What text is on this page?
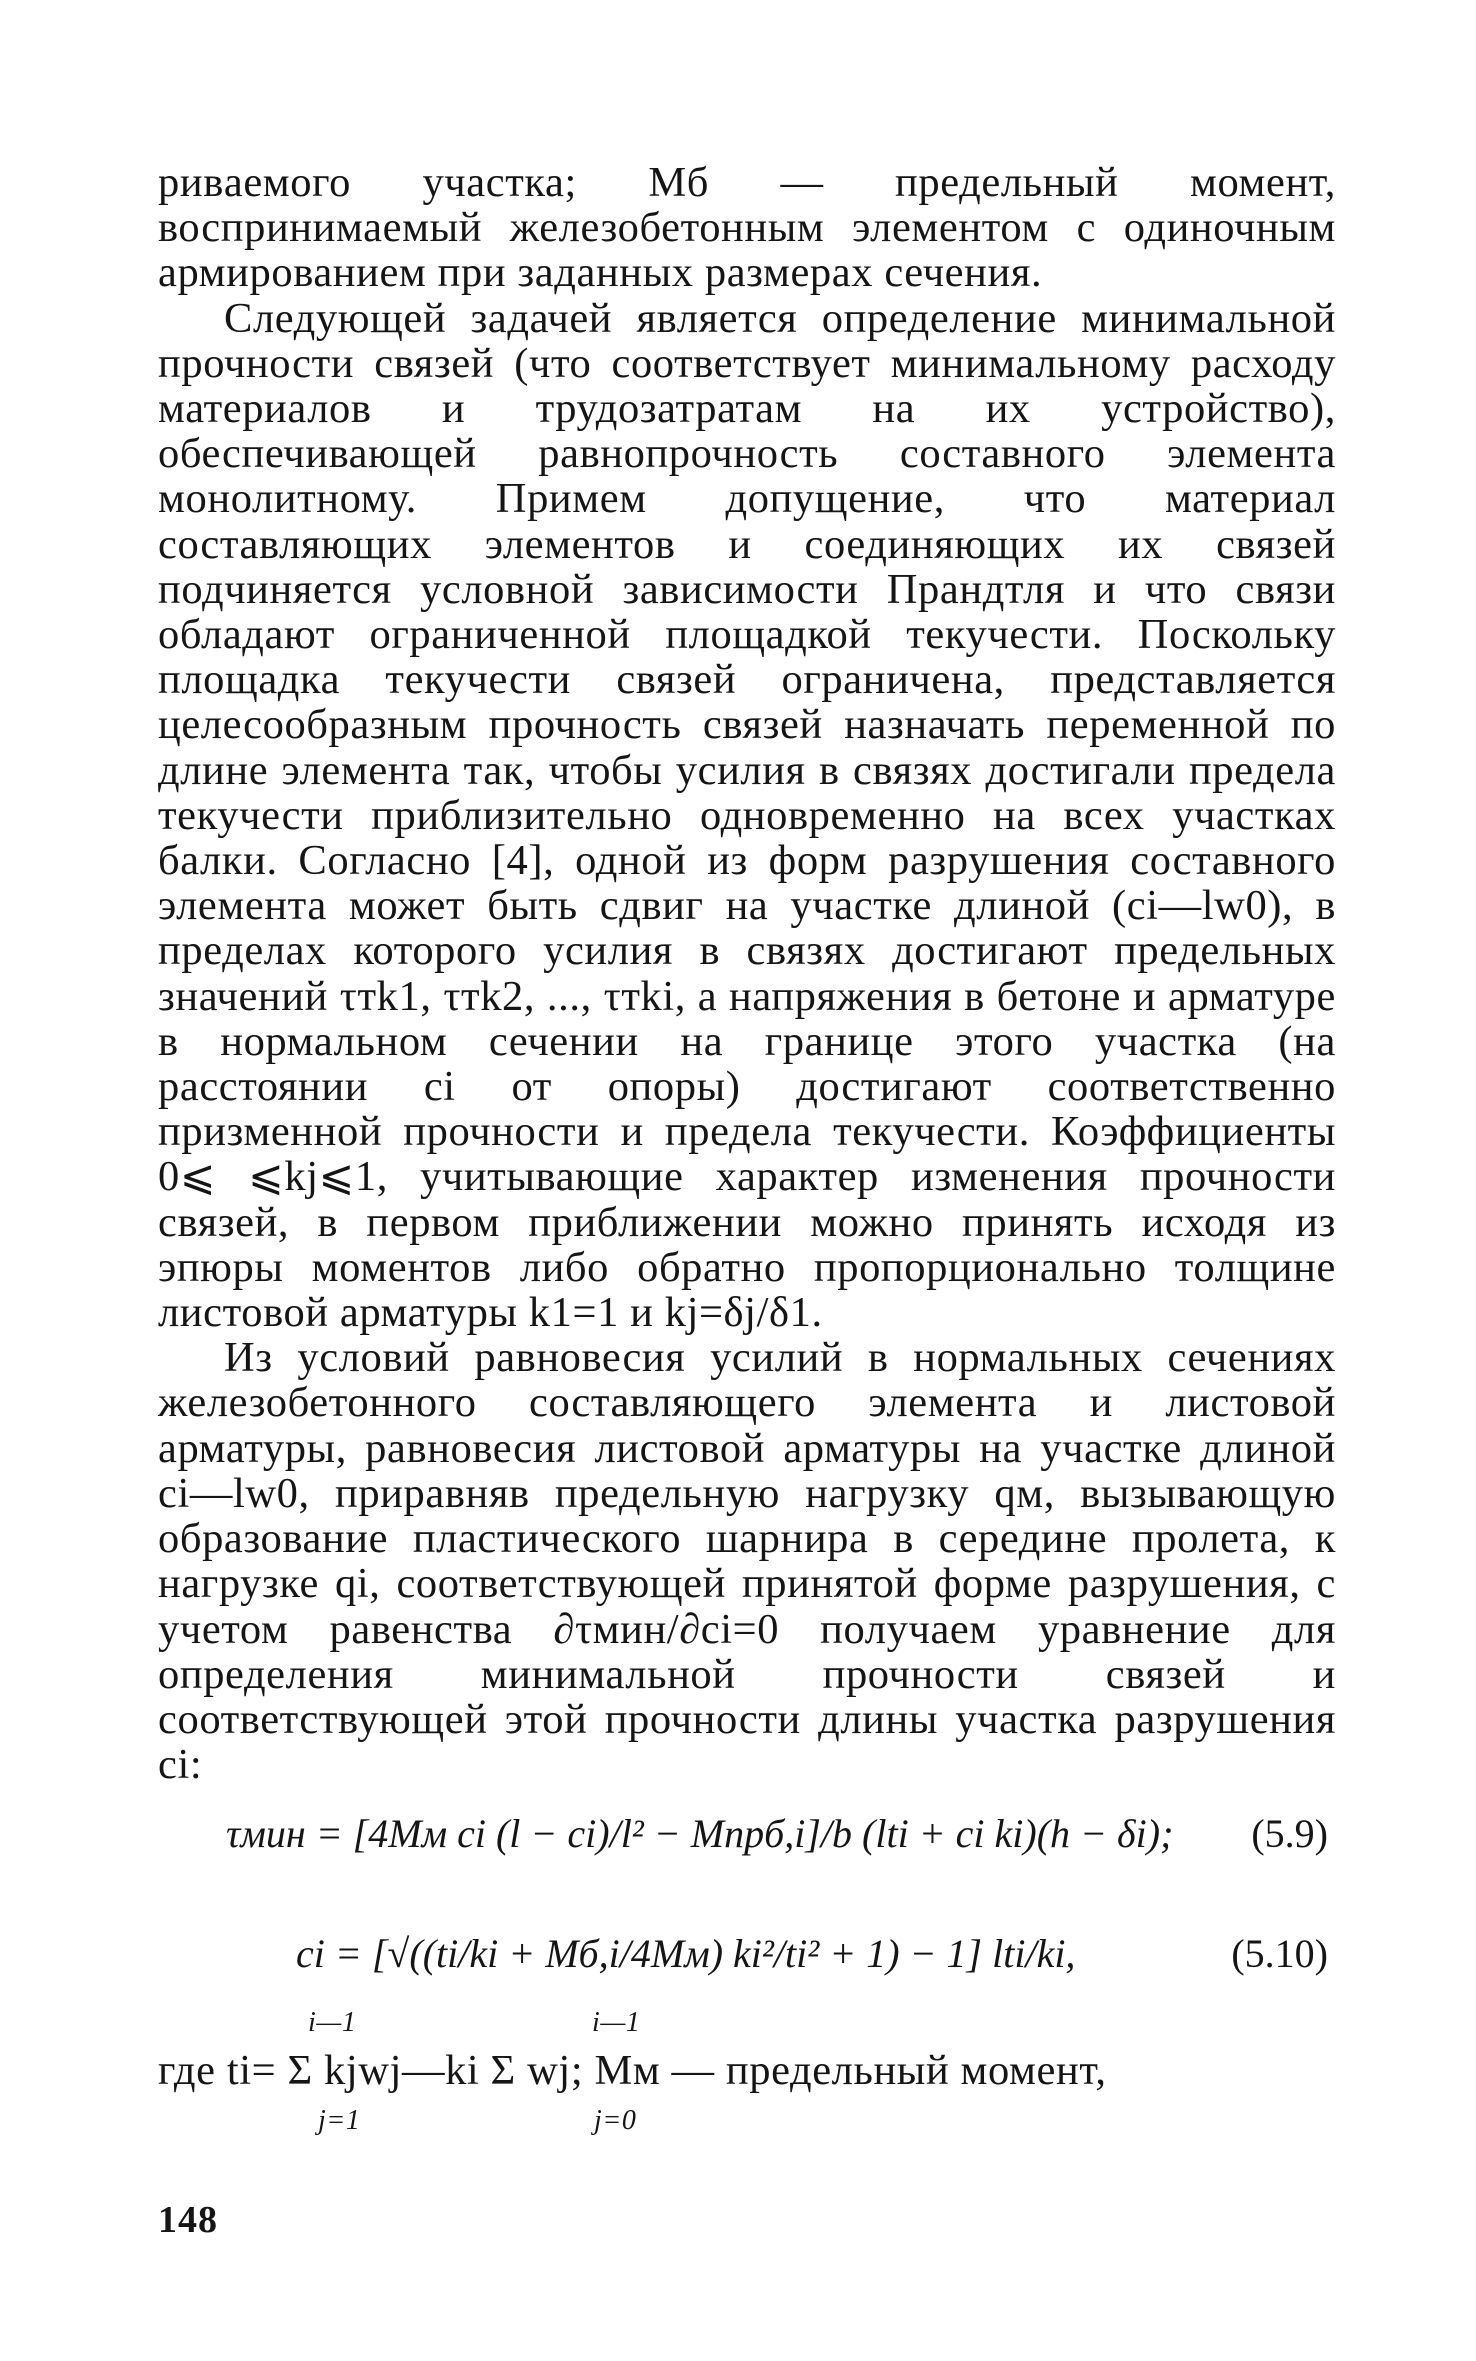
ривaемого участка; Мб — предельный момент, воспринимаемый железобетонным элементом с одиночным армированием при заданных размерах сечения.

Следующей задачей является определение минимальной прочности связей (что соответствует минимальному расходу материалов и трудозатратам на их устройство), обеспечивающей равнопрочность составного элемента монолитному. Примем допущение, что материал составляющих элементов и соединяющих их связей подчиняется условной зависимости Прандтля и что связи обладают ограниченной площадкой текучести. Поскольку площадка текучести связей ограничена, представляется целесообразным прочность связей назначать переменной по длине элемента так, чтобы усилия в связях достигали предела текучести приблизительно одновременно на всех участках балки. Согласно [4], одной из форм разрушения составного элемента может быть сдвиг на участке длиной (ci—lw0), в пределах которого усилия в связях достигают предельных значений τтk1, τтk2, ..., τтki, а напряжения в бетоне и арматуре в нормальном сечении на границе этого участка (на расстоянии ci от опоры) достигают соответственно призменной прочности и предела текучести. Коэффициенты 0⩽ ⩽kj⩽1, учитывающие характер изменения прочности связей, в первом приближении можно принять исходя из эпюры моментов либо обратно пропорционально толщине листовой арматуры k1=1 и kj=δj/δ1.

Из условий равновесия усилий в нормальных сечениях железобетонного составляющего элемента и листовой арматуры, равновесия листовой арматуры на участке длиной ci—lw0, приравняв предельную нагрузку qм, вызывающую образование пластического шарнира в середине пролета, к нагрузке qi, соответствующей принятой форме разрушения, с учетом равенства ∂τмин/∂ci=0 получаем уравнение для определения минимальной прочности связей и соответствующей этой прочности длины участка разрушения ci:

τмин = [4Mм ci (l − ci)/l² − Mпрб,i]/b (lti + ci ki)(h − δi); (5.9)
ci = [√((ti/ki + Mб,i/4Mм) ki²/ti² + 1) − 1] lti/ki,	(5.10)
где ti= Σ kjwj—ki Σ wj; Mм — предельный момент,
i—1
j=1
i—1
j=0
148
